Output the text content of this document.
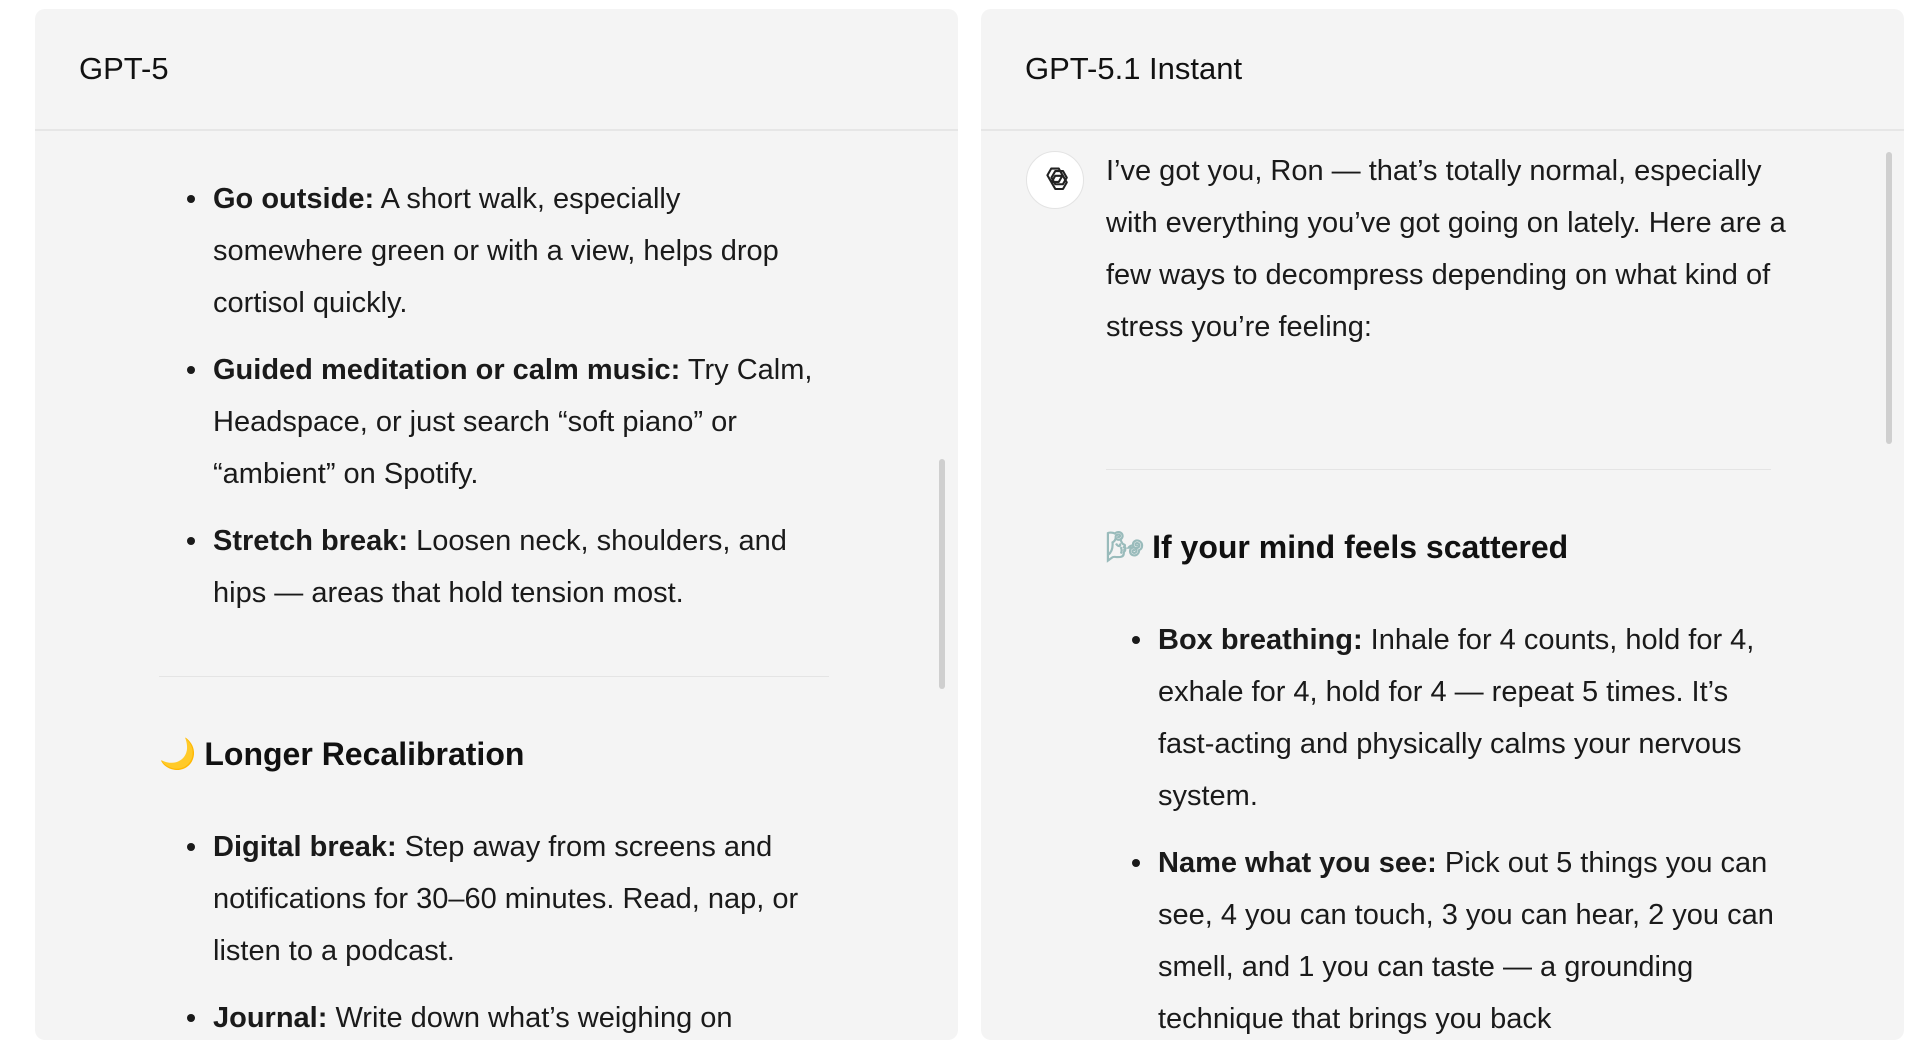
GPT-5
Go outside: A short walk, especially somewhere green or with a view, helps drop cortisol quickly.
Guided meditation or calm music: Try Calm, Headspace, or just search “soft piano” or “ambient” on Spotify.
Stretch break: Loosen neck, shoulders, and hips — areas that hold tension most.
🌙 Longer Recalibration
Digital break: Step away from screens and notifications for 30–60 minutes. Read, nap, or listen to a podcast.
Journal: Write down what’s weighing on
GPT-5.1 Instant
I’ve got you, Ron — that’s totally normal, especially with everything you’ve got going on lately. Here are a few ways to decompress depending on what kind of stress you’re feeling:
🌬 If your mind feels scattered
Box breathing: Inhale for 4 counts, hold for 4, exhale for 4, hold for 4 — repeat 5 times. It’s fast-acting and physically calms your nervous system.
Name what you see: Pick out 5 things you can see, 4 you can touch, 3 you can hear, 2 you can smell, and 1 you can taste — a grounding technique that brings you back
